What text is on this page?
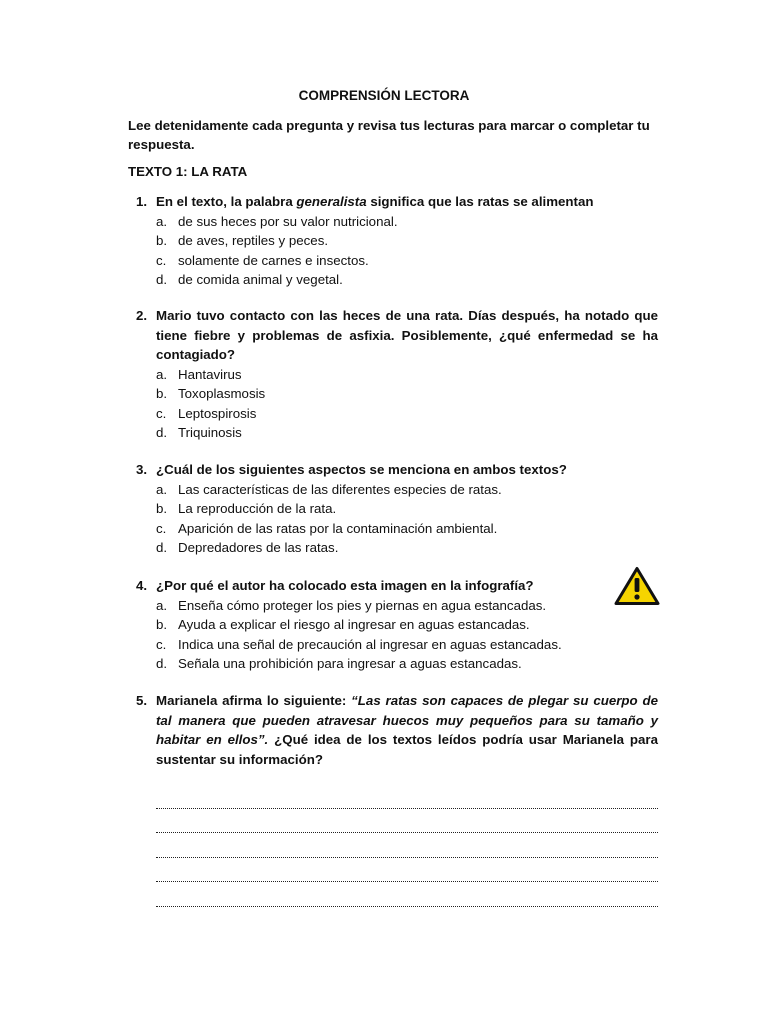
COMPRENSIÓN LECTORA
Lee detenidamente cada pregunta y revisa tus lecturas para marcar o completar tu respuesta.
TEXTO 1: LA RATA
1. En el texto, la palabra generalista significa que las ratas se alimentan
a. de sus heces por su valor nutricional.
b. de aves, reptiles y peces.
c. solamente de carnes e insectos.
d. de comida animal y vegetal.
2. Mario tuvo contacto con las heces de una rata. Días después, ha notado que tiene fiebre y problemas de asfixia. Posiblemente, ¿qué enfermedad se ha contagiado?
a. Hantavirus
b. Toxoplasmosis
c. Leptospirosis
d. Triquinosis
3. ¿Cuál de los siguientes aspectos se menciona en ambos textos?
a. Las características de las diferentes especies de ratas.
b. La reproducción de la rata.
c. Aparición de las ratas por la contaminación ambiental.
d. Depredadores de las ratas.
4. ¿Por qué el autor ha colocado esta imagen en la infografía?
a. Enseña cómo proteger los pies y piernas en agua estancadas.
b. Ayuda a explicar el riesgo al ingresar en aguas estancadas.
c. Indica una señal de precaución al ingresar en aguas estancadas.
d. Señala una prohibición para ingresar a aguas estancadas.
5. Marianela afirma lo siguiente: “Las ratas son capaces de plegar su cuerpo de tal manera que pueden atravesar huecos muy pequeños para su tamaño y habitar en ellos”. ¿Qué idea de los textos leídos podría usar Marianela para sustentar su información?
